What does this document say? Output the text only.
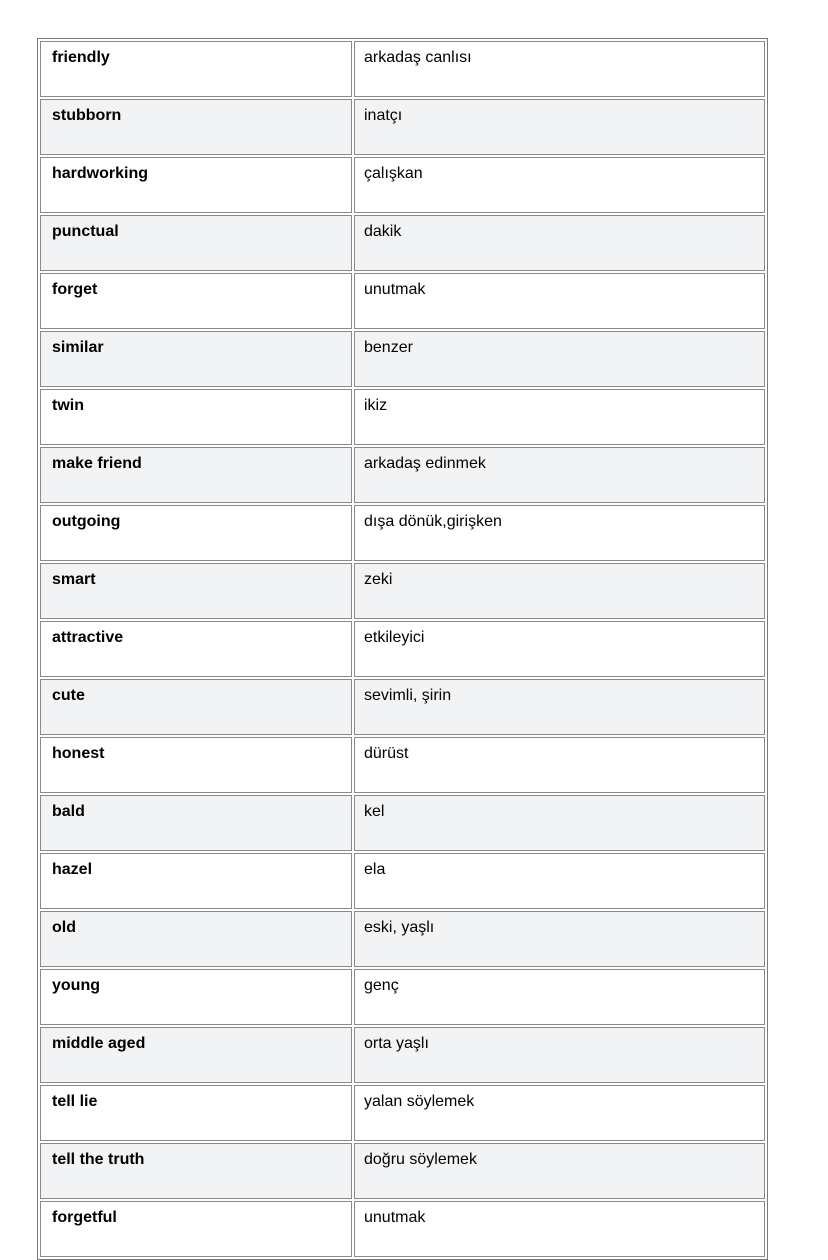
friendly	arkadaş canlısı
stubborn	inatçı
hardworking	çalışkan
punctual	dakik
forget	unutmak
similar	benzer
twin	ikiz
make friend	arkadaş edinmek
outgoing	dışa dönük,girişken
smart	zeki
attractive	etkileyici
cute	sevimli, şirin
honest	dürüst
bald	kel
hazel	ela
old	eski, yaşlı
young	genç
middle aged	orta yaşlı
tell lie	yalan söylemek
tell the truth	doğru söylemek
forgetful	unutmak
